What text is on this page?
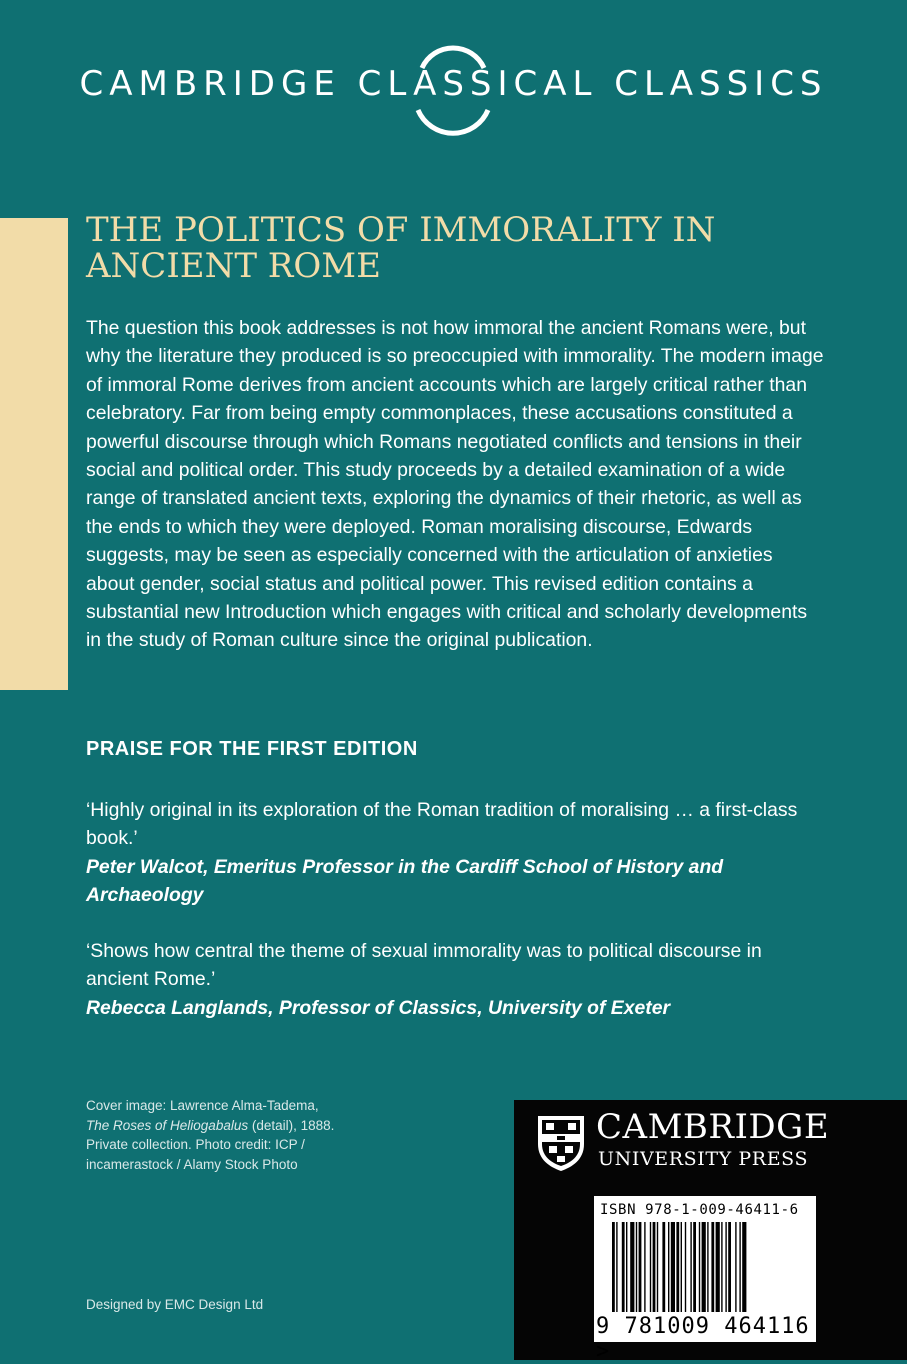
CAMBRIDGE CLASSICAL CLASSICS
THE POLITICS OF IMMORALITY IN ANCIENT ROME

The question this book addresses is not how immoral the ancient Romans were, but why the literature they produced is so preoccupied with immorality. The modern image of immoral Rome derives from ancient accounts which are largely critical rather than celebratory. Far from being empty commonplaces, these accusations constituted a powerful discourse through which Romans negotiated conflicts and tensions in their social and political order. This study proceeds by a detailed examination of a wide range of translated ancient texts, exploring the dynamics of their rhetoric, as well as the ends to which they were deployed. Roman moralising discourse, Edwards suggests, may be seen as especially concerned with the articulation of anxieties about gender, social status and political power. This revised edition contains a substantial new Introduction which engages with critical and scholarly developments in the study of Roman culture since the original publication.

PRAISE FOR THE FIRST EDITION

‘Highly original in its exploration of the Roman tradition of moralising … a first-class book.’

Peter Walcot, Emeritus Professor in the Cardiff School of History and Archaeology

‘Shows how central the theme of sexual immorality was to political discourse in ancient Rome.’

Rebecca Langlands, Professor of Classics, University of Exeter

Cover image: Lawrence Alma-Tadema,

The Roses of Heliogabalus (detail), 1888.

Private collection. Photo credit: ICP /

incamerastock / Alamy Stock Photo

Designed by EMC Design Ltd
CAMBRIDGE
UNIVERSITY PRESS
ISBN 978-1-009-46411-6
9 781009 464116 >
